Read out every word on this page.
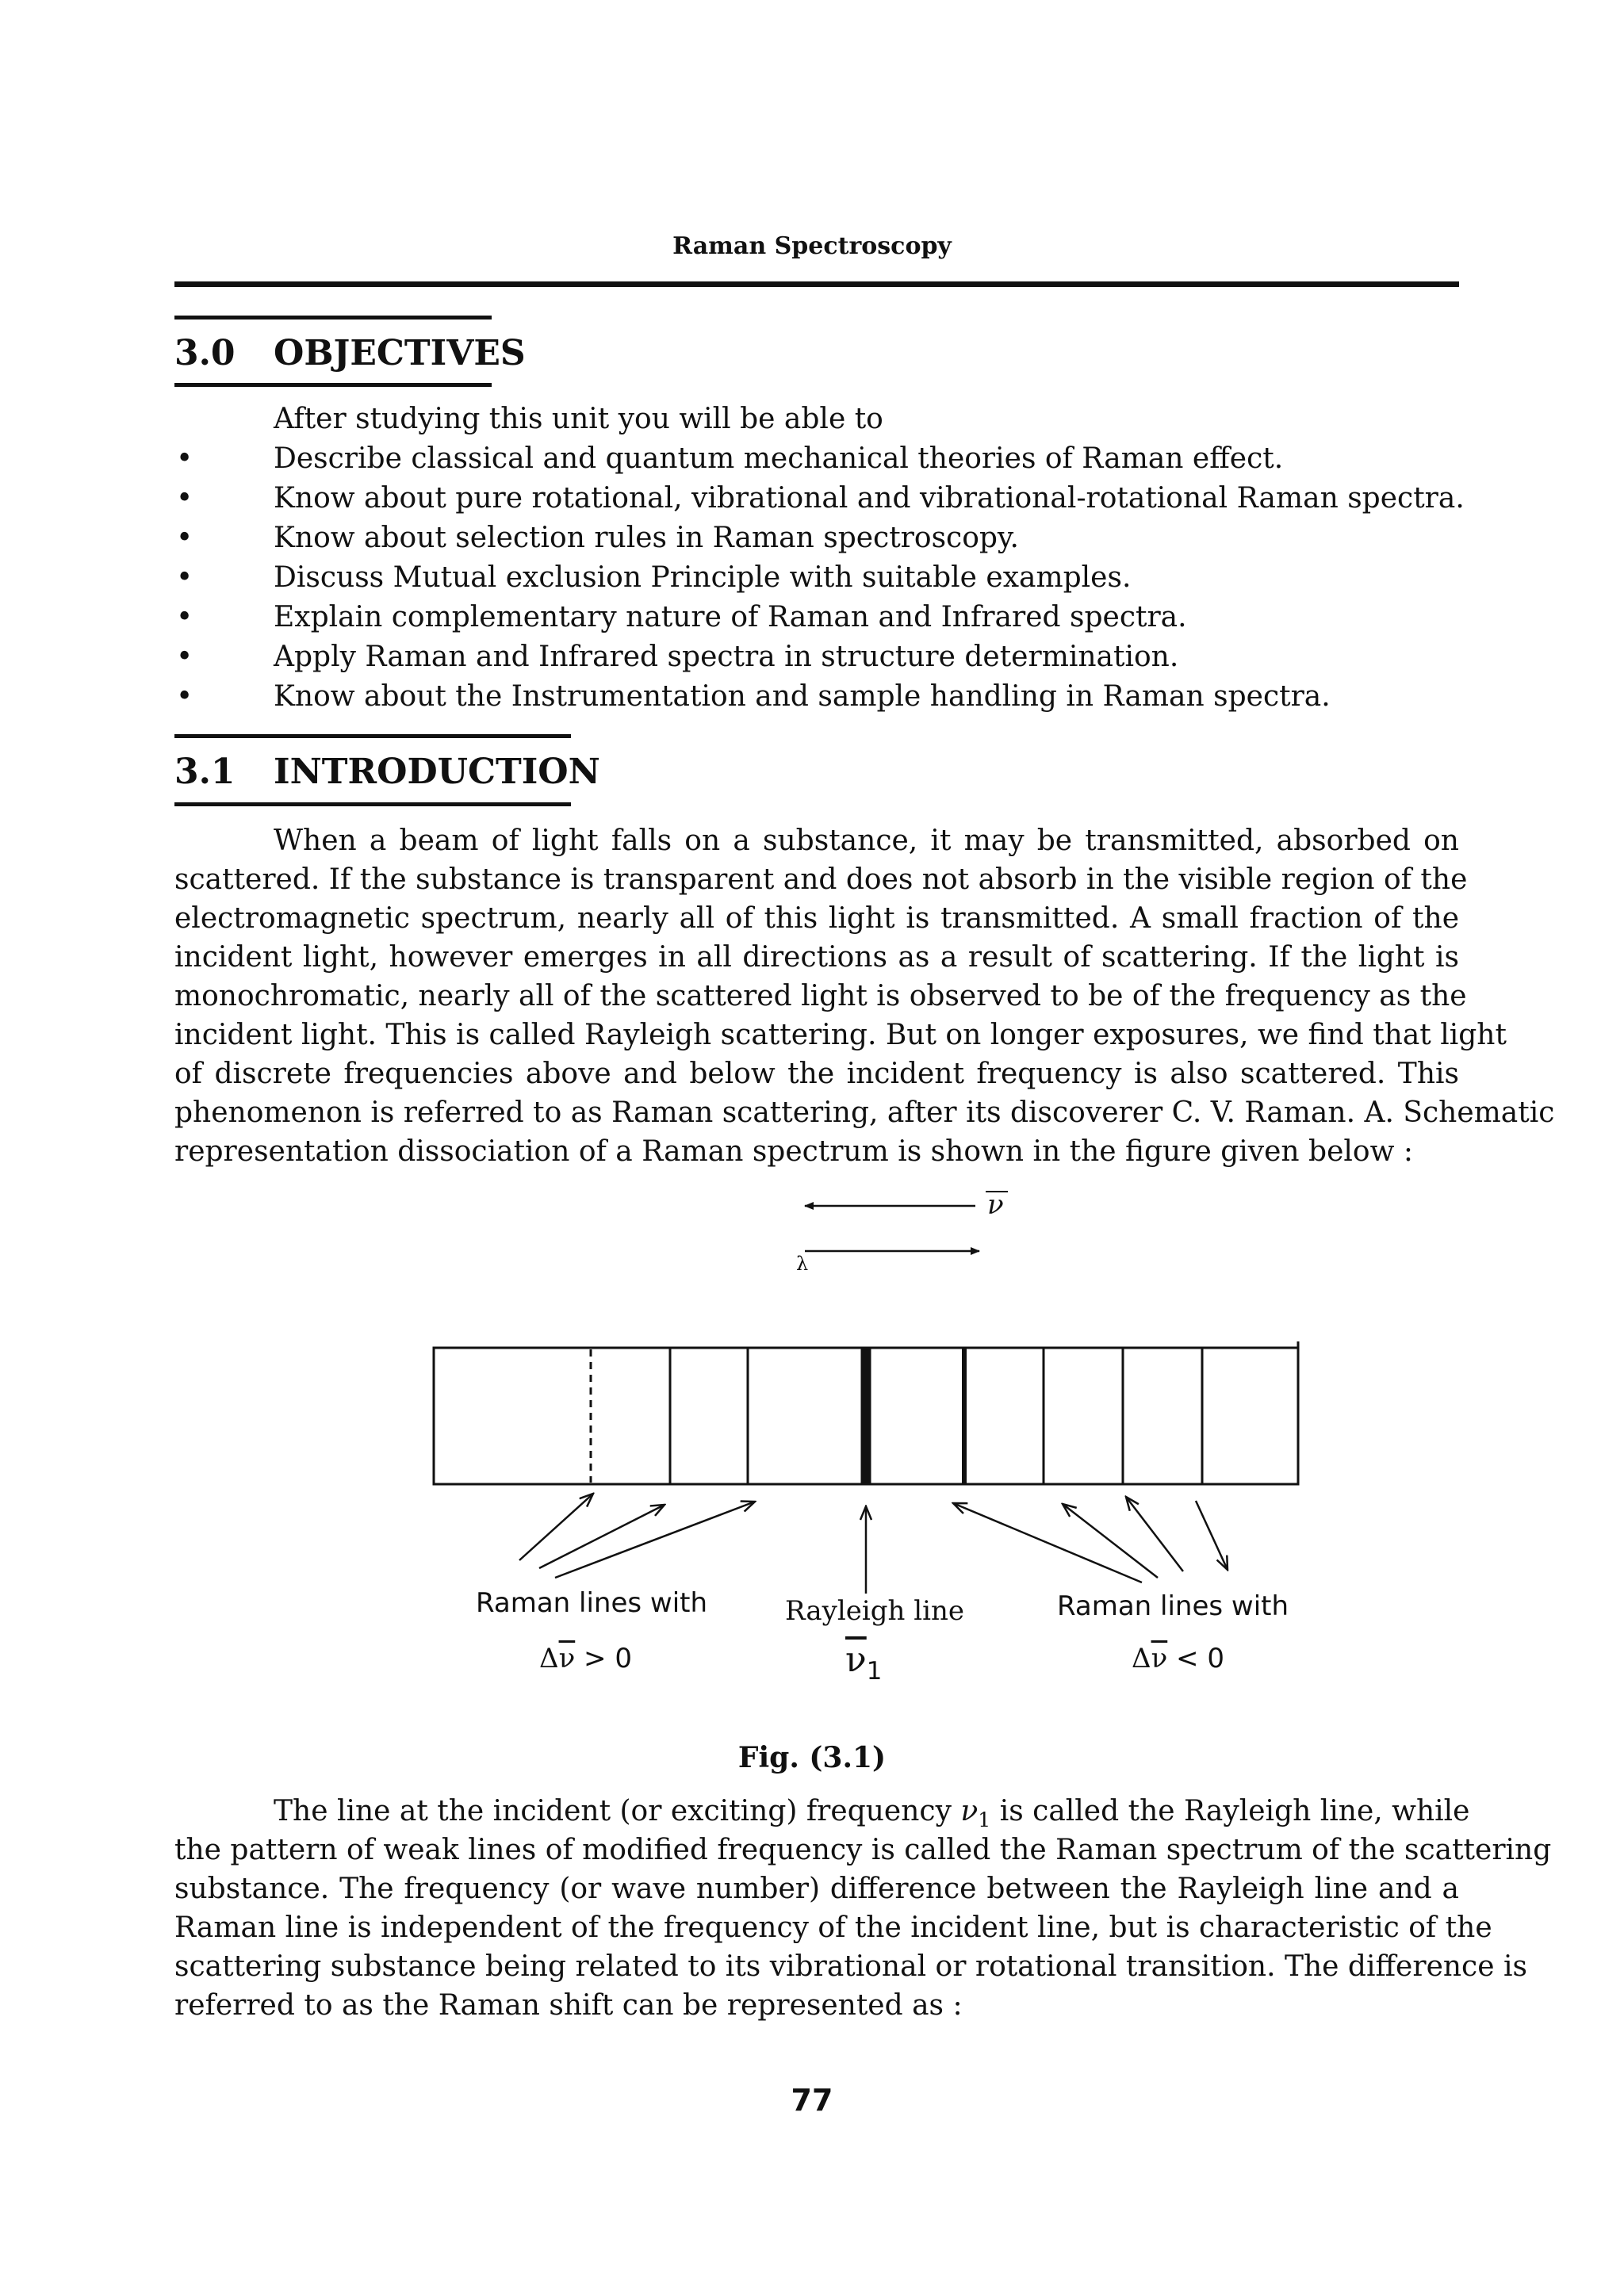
Raman Spectroscopy
3.0 OBJECTIVES
After studying this unit you will be able to
•	Describe classical and quantum mechanical theories of Raman effect.
•	Know about pure rotational, vibrational and vibrational-rotational Raman spectra.
•	Know about selection rules in Raman spectroscopy.
•	Discuss Mutual exclusion Principle with suitable examples.
•	Explain complementary nature of Raman and Infrared spectra.
•	Apply Raman and Infrared spectra in structure determination.
•	Know about the Instrumentation and sample handling in Raman spectra.
3.1 INTRODUCTION
When a beam of light falls on a substance, it may be transmitted, absorbed on
scattered. If the substance is transparent and does not absorb in the visible region of the
electromagnetic spectrum, nearly all of this light is transmitted. A small fraction of the
incident light, however emerges in all directions as a result of scattering. If the light is
monochromatic, nearly all of the scattered light is observed to be of the frequency as the
incident light. This is called Rayleigh scattering. But on longer exposures, we find that light
of discrete frequencies above and below the incident frequency is also scattered. This
phenomenon is referred to as Raman scattering, after its discoverer C. V. Raman. A. Schematic
representation dissociation of a Raman spectrum is shown in the figure given below :
ν
λ
Raman lines with
$\Delta\overline{\nu} > 0$
Rayleigh line
$\overline{\nu}_1$
Raman lines with
$\Delta\overline{\nu} < 0$
Fig. (3.1)
The line at the incident (or exciting) frequency $\nu_1$ is called the Rayleigh line, while
the pattern of weak lines of modified frequency is called the Raman spectrum of the scattering
substance. The frequency (or wave number) difference between the Rayleigh line and a
Raman line is independent of the frequency of the incident line, but is characteristic of the
scattering substance being related to its vibrational or rotational transition. The difference is
referred to as the Raman shift can be represented as :
77
